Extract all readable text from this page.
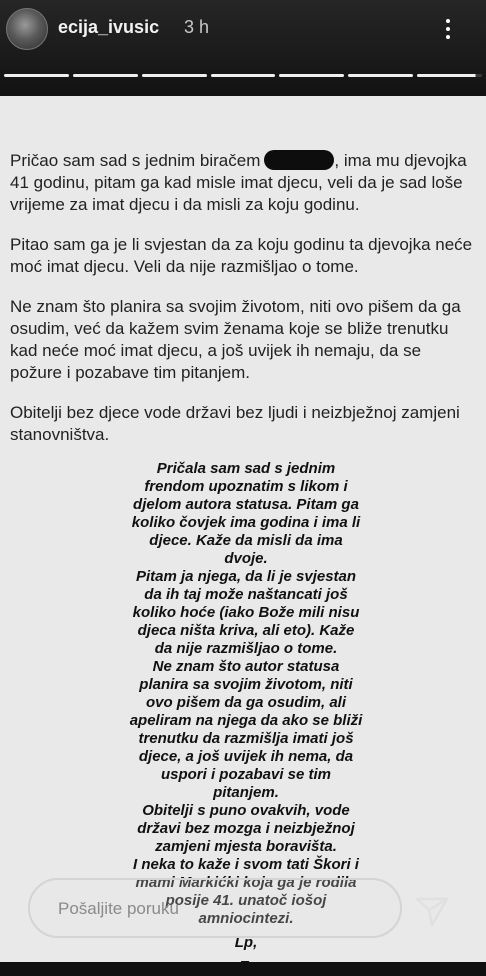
ecija_ivusic 3 h

Pričao sam sad s jednim biračem	, ima mu djevojka 41 godinu, pitam ga kad misle imat djecu, veli da je sad loše vrijeme za imat djecu i da misli za koju godinu.

Pitao sam ga je li svjestan da za koju godinu ta djevojka neće moć imat djecu. Veli da nije razmišljao o tome.

Ne znam što planira sa svojim životom, niti ovo pišem da ga osudim, već da kažem svim ženama koje se bliže trenutku kad neće moć imat djecu, a još uvijek ih nemaju, da se požure i pozabave tim pitanjem.

Obitelji bez djece vode državi bez ljudi i neizbježnoj zamjeni stanovništva.

Pričala sam sad s jednim
frendom upoznatim s likom i
djelom autora statusa. Pitam ga
koliko čovjek ima godina i ima li
djece. Kaže da misli da ima
dvoje.
Pitam ja njega, da li je svjestan
da ih taj može naštancati još
koliko hoće (iako Bože mili nisu
djeca ništa kriva, ali eto). Kaže
da nije razmišljao o tome.
Ne znam što autor statusa
planira sa svojim životom, niti
ovo pišem da ga osudim, ali
apeliram na njega da ako se bliži
trenutku da razmišlja imati još
djece, a još uvijek ih nema, da
uspori i pozabavi se tim
pitanjem.
Obitelji s puno ovakvih, vode
državi bez mozga i neizbježnoj
zamjeni mjesta boravišta.
I neka to kaže i svom tati Škori i
mami Markićki koja ga je rodila
posije 41. unatoč iošoj
amniocintezi.
Lp,
E.
Pošaljite poruku
